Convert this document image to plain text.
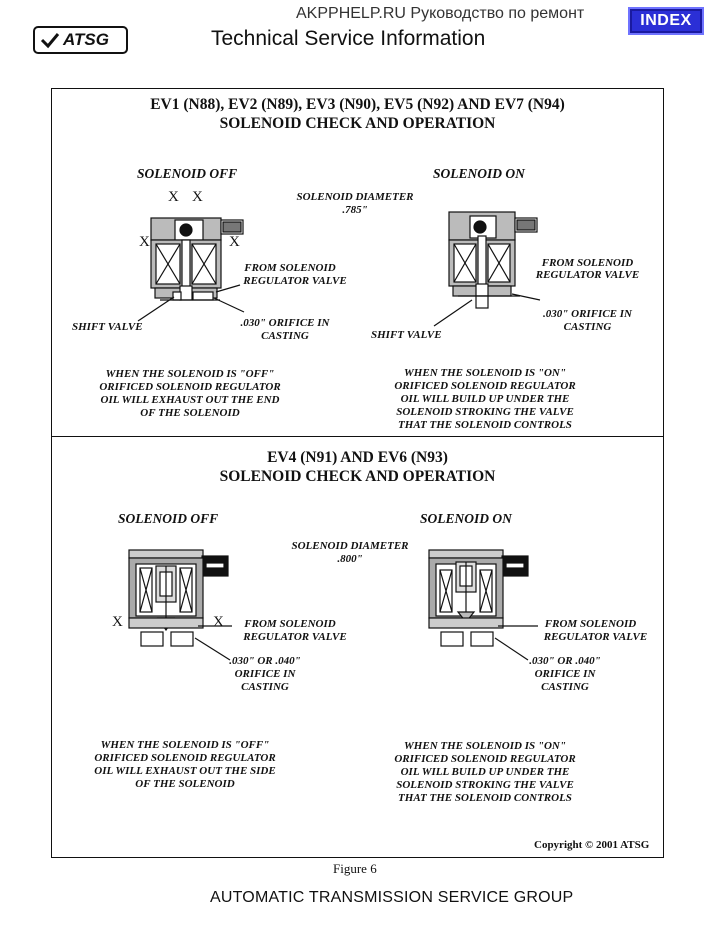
AKPPHELP.RU Руководство по ремонт
ATSG	Technical Service Information
INDEX
EV1 (N88), EV2 (N89), EV3 (N90), EV5 (N92) AND EV7 (N94)
SOLENOID CHECK AND OPERATION
SOLENOID OFF	SOLENOID ON
SOLENOID DIAMETER
.785"
X X
X	X
FROM SOLENOID
REGULATOR VALVE
SHIFT VALVE	.030" ORIFICE IN
CASTING
FROM SOLENOID
REGULATOR VALVE
SHIFT VALVE
.030" ORIFICE IN
CASTING
WHEN THE SOLENOID IS "OFF"
ORIFICED SOLENOID REGULATOR
OIL WILL EXHAUST OUT THE END
OF THE SOLENOID
WHEN THE SOLENOID IS "ON"
ORIFICED SOLENOID REGULATOR
OIL WILL BUILD UP UNDER THE
SOLENOID STROKING THE VALVE
THAT THE SOLENOID CONTROLS
EV4 (N91) AND EV6 (N93)
SOLENOID CHECK AND OPERATION
SOLENOID OFF	SOLENOID ON
SOLENOID DIAMETER
.800"
X	X	FROM SOLENOID
REGULATOR VALVE
.030" OR .040"
ORIFICE IN
CASTING
FROM SOLENOID
REGULATOR VALVE
.030" OR .040"
ORIFICE IN
CASTING
WHEN THE SOLENOID IS "OFF"
ORIFICED SOLENOID REGULATOR
OIL WILL EXHAUST OUT THE SIDE
OF THE SOLENOID
WHEN THE SOLENOID IS "ON"
ORIFICED SOLENOID REGULATOR
OIL WILL BUILD UP UNDER THE
SOLENOID STROKING THE VALVE
THAT THE SOLENOID CONTROLS
Copyright © 2001 ATSG
Figure 6
AUTOMATIC TRANSMISSION SERVICE GROUP
